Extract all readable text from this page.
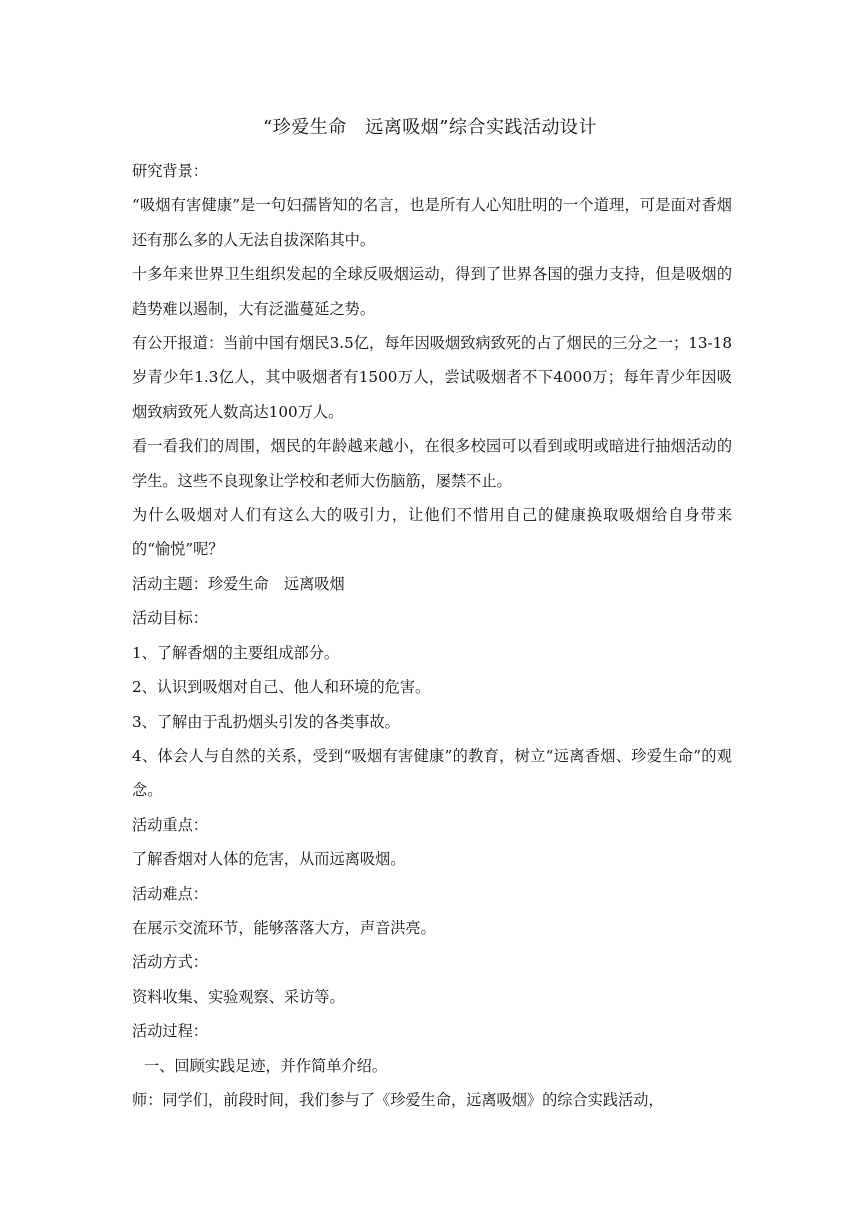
“珍爱生命　远离吸烟”综合实践活动设计

研究背景：

“吸烟有害健康”是一句妇孺皆知的名言，也是所有人心知肚明的一个道理，可是面对香烟还有那么多的人无法自拔深陷其中。

十多年来世界卫生组织发起的全球反吸烟运动，得到了世界各国的强力支持，但是吸烟的趋势难以遏制，大有泛滥蔓延之势。

有公开报道：当前中国有烟民3.5亿，每年因吸烟致病致死的占了烟民的三分之一；13-18岁青少年1.3亿人，其中吸烟者有1500万人，尝试吸烟者不下4000万；每年青少年因吸烟致病致死人数高达100万人。

看一看我们的周围，烟民的年龄越来越小，在很多校园可以看到或明或暗进行抽烟活动的学生。这些不良现象让学校和老师大伤脑筋，屡禁不止。

为什么吸烟对人们有这么大的吸引力，让他们不惜用自己的健康换取吸烟给自身带来的“愉悦”呢？

活动主题：珍爱生命　远离吸烟

活动目标：

1、了解香烟的主要组成部分。

2、认识到吸烟对自己、他人和环境的危害。

3、了解由于乱扔烟头引发的各类事故。

4、体会人与自然的关系，受到“吸烟有害健康”的教育，树立“远离香烟、珍爱生命”的观念。

活动重点：

了解香烟对人体的危害，从而远离吸烟。

活动难点：

在展示交流环节，能够落落大方，声音洪亮。

活动方式：

资料收集、实验观察、采访等。

活动过程：

一、回顾实践足迹，并作简单介绍。

师：同学们，前段时间，我们参与了《珍爱生命，远离吸烟》的综合实践活动，
